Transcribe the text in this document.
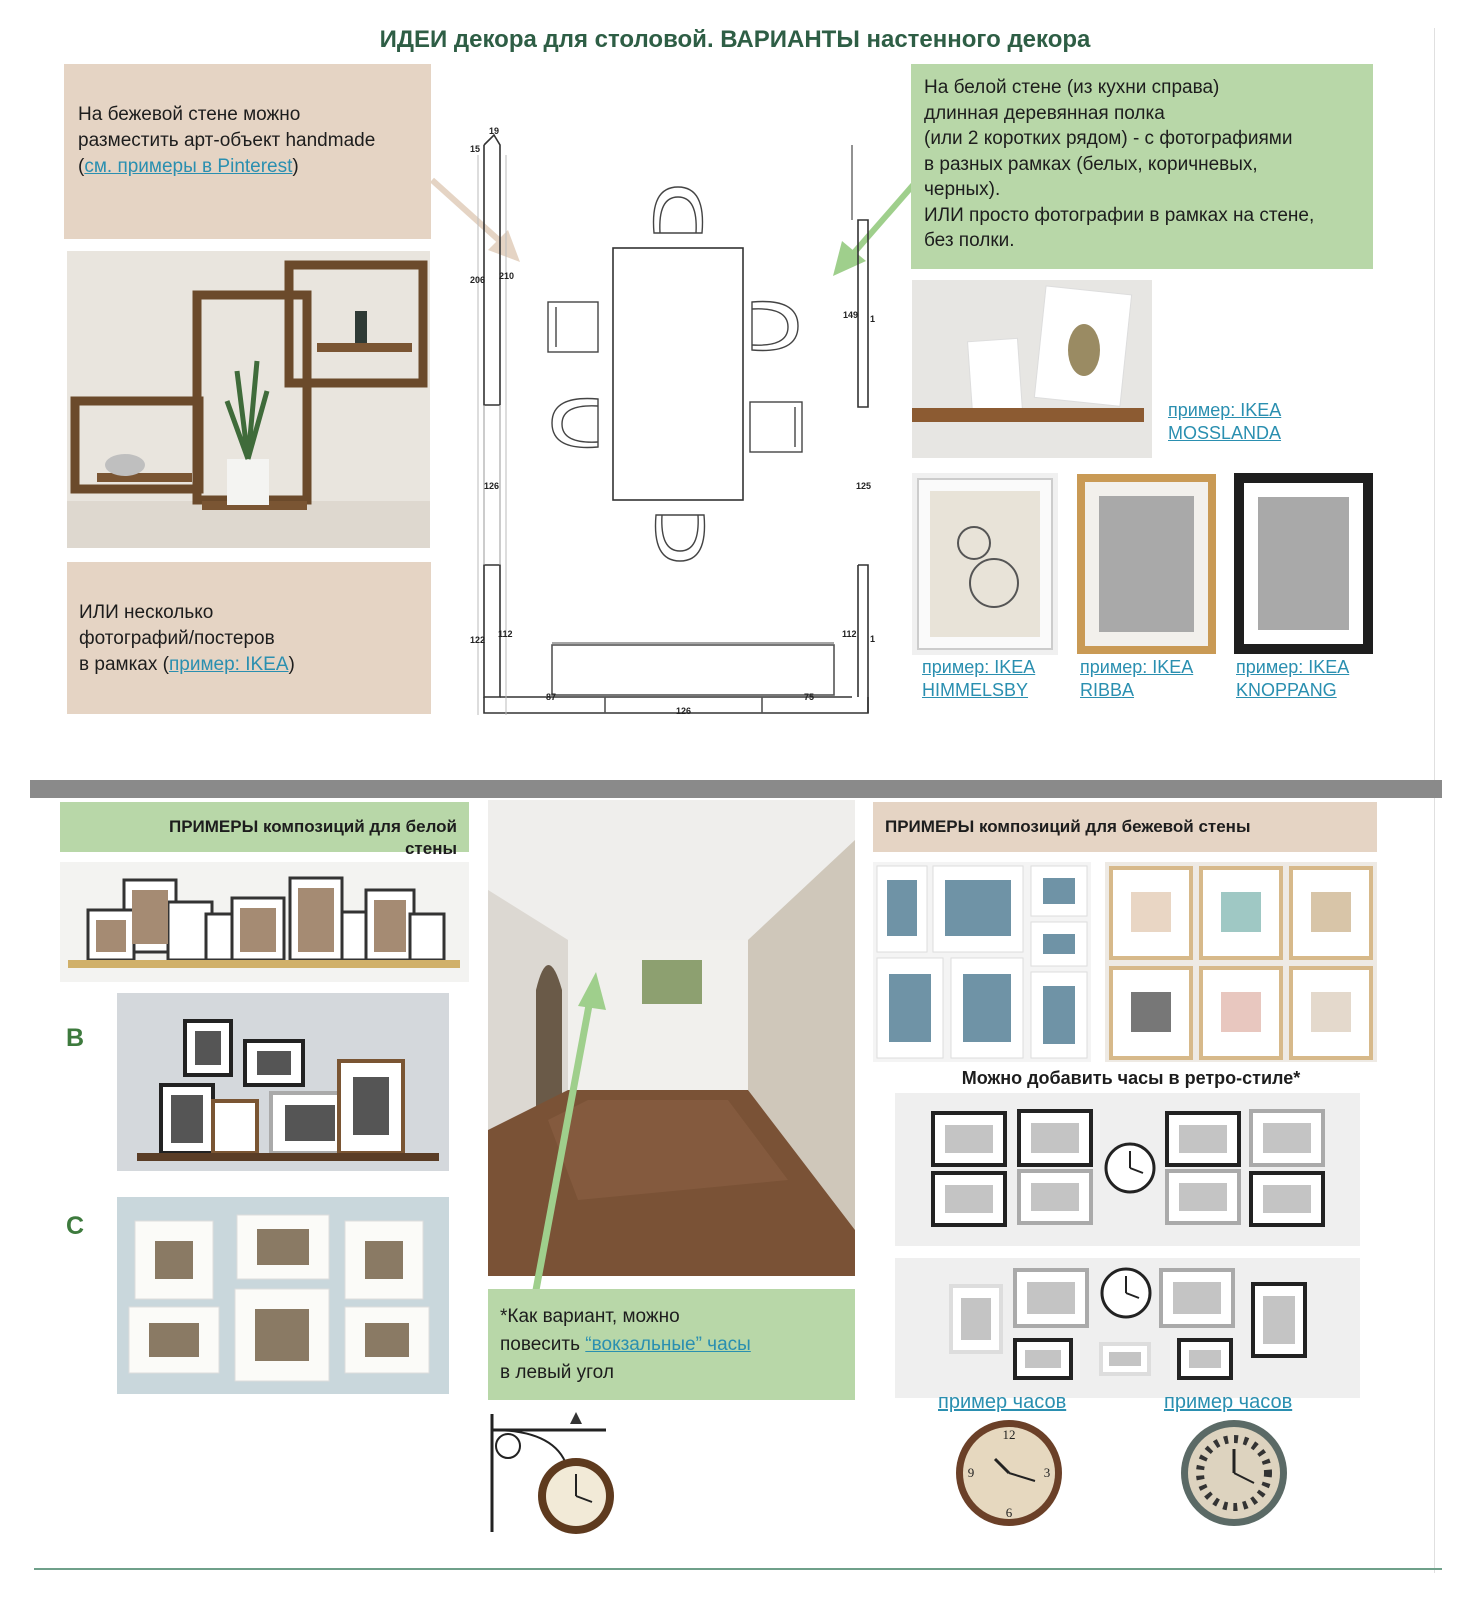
ИДЕИ декора для столовой. ВАРИАНТЫ настенного декора
На бежевой стене можно
разместить арт-объект handmade
(см. примеры в Pinterest)
ИЛИ несколько
фотографий/постеров
в рамках (пример: IKEA)
19
15
206 210
149 1
126	125
122
112	112 1
87	75
126
На белой стене (из кухни справа)
длинная деревянная полка
(или 2 коротких рядом) - с фотографиями
в разных рамках (белых, коричневых,
черных).
ИЛИ просто фотографии в рамках на стене,
без полки.
пример: IKEA
MOSSLANDA
пример: IKEA
HIMMELSBY
пример: IKEA
RIBBA
пример: IKEA
KNOPPANG
ПРИМЕРЫ композиций для белой стены
B
C
*Как вариант, можно
повесить “вокзальные” часы
в левый угол
ПРИМЕРЫ композиций для бежевой стены
Можно добавить часы в ретро-стиле*
пример часов	пример часов
12
3
6
9
